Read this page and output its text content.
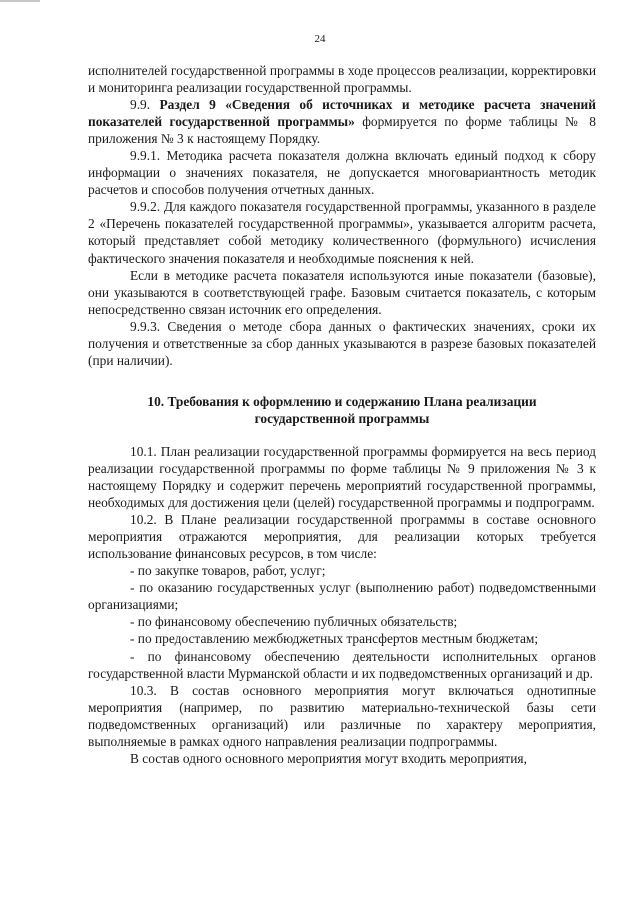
24

исполнителей государственной программы в ходе процессов реализации, корректировки и мониторинга реализации государственной программы.

9.9. Раздел 9 «Сведения об источниках и методике расчета значений показателей государственной программы» формируется по форме таблицы № 8 приложения № 3 к настоящему Порядку.

9.9.1. Методика расчета показателя должна включать единый подход к сбору информации о значениях показателя, не допускается многовариантность методик расчетов и способов получения отчетных данных.

9.9.2. Для каждого показателя государственной программы, указанного в разделе 2 «Перечень показателей государственной программы», указывается алгоритм расчета, который представляет собой методику количественного (формульного) исчисления фактического значения показателя и необходимые пояснения к ней.

Если в методике расчета показателя используются иные показатели (базовые), они указываются в соответствующей графе. Базовым считается показатель, с которым непосредственно связан источник его определения.

9.9.3. Сведения о методе сбора данных о фактических значениях, сроки их получения и ответственные за сбор данных указываются в разрезе базовых показателей (при наличии).

10. Требования к оформлению и содержанию Плана реализации
государственной программы

10.1. План реализации государственной программы формируется на весь период реализации государственной программы по форме таблицы № 9 приложения № 3 к настоящему Порядку и содержит перечень мероприятий государственной программы, необходимых для достижения цели (целей) государственной программы и подпрограмм.

10.2. В Плане реализации государственной программы в составе основного мероприятия отражаются мероприятия, для реализации которых требуется использование финансовых ресурсов, в том числе:

- по закупке товаров, работ, услуг;
- по оказанию государственных услуг (выполнению работ) подведомственными организациями;
- по финансовому обеспечению публичных обязательств;
- по предоставлению межбюджетных трансфертов местным бюджетам;
- по финансовому обеспечению деятельности исполнительных органов государственной власти Мурманской области и их подведомственных организаций и др.

10.3. В состав основного мероприятия могут включаться однотипные мероприятия (например, по развитию материально-технической базы сети подведомственных организаций) или различные по характеру мероприятия, выполняемые в рамках одного направления реализации подпрограммы.

В состав одного основного мероприятия могут входить мероприятия,
